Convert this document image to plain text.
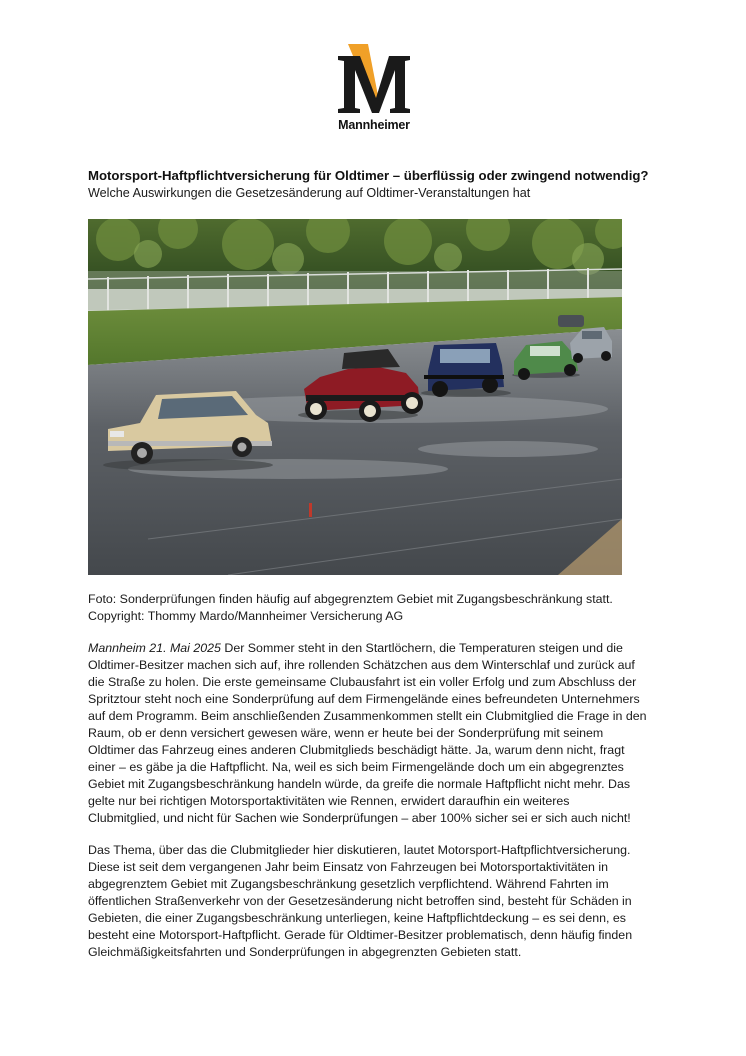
Mannheimer
Motorsport-Haftpflichtversicherung für Oldtimer – überflüssig oder zwingend notwendig?
Welche Auswirkungen die Gesetzesänderung auf Oldtimer-Veranstaltungen hat
Foto: Sonderprüfungen finden häufig auf abgegrenztem Gebiet mit Zugangsbeschränkung statt.
Copyright: Thommy Mardo/Mannheimer Versicherung AG
Mannheim 21. Mai 2025 Der Sommer steht in den Startlöchern, die Temperaturen steigen und die
Oldtimer-Besitzer machen sich auf, ihre rollenden Schätzchen aus dem Winterschlaf und zurück auf
die Straße zu holen. Die erste gemeinsame Clubausfahrt ist ein voller Erfolg und zum Abschluss der
Spritztour steht noch eine Sonderprüfung auf dem Firmengelände eines befreundeten Unternehmers
auf dem Programm. Beim anschließenden Zusammenkommen stellt ein Clubmitglied die Frage in den
Raum, ob er denn versichert gewesen wäre, wenn er heute bei der Sonderprüfung mit seinem
Oldtimer das Fahrzeug eines anderen Clubmitglieds beschädigt hätte. Ja, warum denn nicht, fragt
einer – es gäbe ja die Haftpflicht. Na, weil es sich beim Firmengelände doch um ein abgegrenztes
Gebiet mit Zugangsbeschränkung handeln würde, da greife die normale Haftpflicht nicht mehr. Das
gelte nur bei richtigen Motorsportaktivitäten wie Rennen, erwidert daraufhin ein weiteres
Clubmitglied, und nicht für Sachen wie Sonderprüfungen – aber 100% sicher sei er sich auch nicht!
Das Thema, über das die Clubmitglieder hier diskutieren, lautet Motorsport-Haftpflichtversicherung.
Diese ist seit dem vergangenen Jahr beim Einsatz von Fahrzeugen bei Motorsportaktivitäten in
abgegrenztem Gebiet mit Zugangsbeschränkung gesetzlich verpflichtend. Während Fahrten im
öffentlichen Straßenverkehr von der Gesetzesänderung nicht betroffen sind, besteht für Schäden in
Gebieten, die einer Zugangsbeschränkung unterliegen, keine Haftpflichtdeckung – es sei denn, es
besteht eine Motorsport-Haftpflicht. Gerade für Oldtimer-Besitzer problematisch, denn häufig finden
Gleichmäßigkeitsfahrten und Sonderprüfungen in abgegrenzten Gebieten statt.
